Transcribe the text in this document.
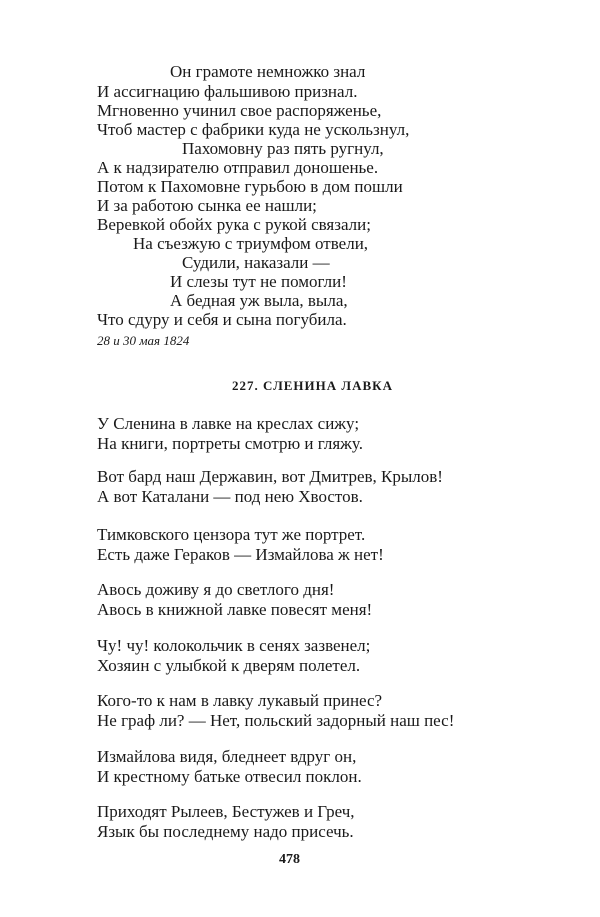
Он грамоте немножко знал
И ассигнацию фальшивою признал.
Мгновенно учинил свое распоряженье,
Чтоб мастер с фабрики куда не ускользнул,
Пахомовну раз пять ругнул,
А к надзирателю отправил доношенье.
Потом к Пахомовне гурьбою в дом пошли
И за работою сынка ее нашли;
Веревкой обойх рука с рукой связали;
На съезжую с триумфом отвели,
Судили, наказали —
И слезы тут не помогли!
А бедная уж выла, выла,
Что сдуру и себя и сына погубила.
28 и 30 мая 1824
227. СЛЕНИНА ЛАВКА
У Сленина в лавке на креслах сижу;
На книги, портреты смотрю и гляжу.
Вот бард наш Державин, вот Дмитрев, Крылов!
А вот Каталани — под нею Хвостов.
Тимковского цензора тут же портрет.
Есть даже Гераков — Измайлова ж нет!
Авось доживу я до светлого дня!
Авось в книжной лавке повесят меня!
Чу! чу! колокольчик в сенях зазвенел;
Хозяин с улыбкой к дверям полетел.
Кого-то к нам в лавку лукавый принес?
Не граф ли? — Нет, польский задорный наш пес!
Измайлова видя, бледнеет вдруг он,
И крестному батьке отвесил поклон.
Приходят Рылеев, Бестужев и Греч,
Язык бы последнему надо присечь.
478
